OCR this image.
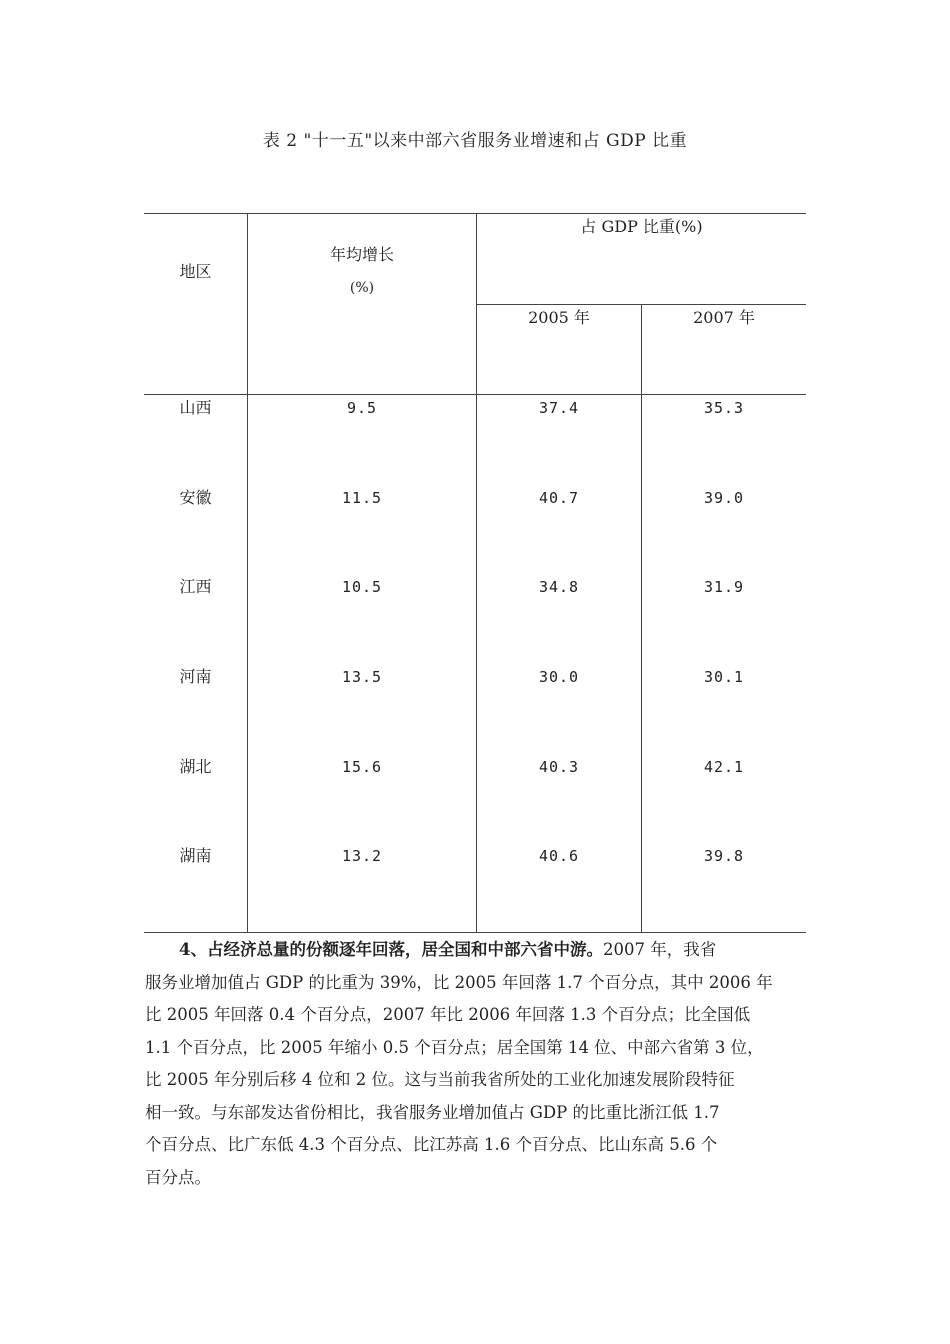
表 2 "十一五"以来中部六省服务业增速和占 GDP 比重
地区
年均增长
(%)
占 GDP 比重(%)
2005 年	2007 年
山西	9.5	37.4	35.3
安徽	11.5	40.7	39.0
江西	10.5	34.8	31.9
河南	13.5	30.0	30.1
湖北	15.6	40.3	42.1
湖南	13.2	40.6	39.8
4、占经济总量的份额逐年回落，居全国和中部六省中游。2007 年，我省
服务业增加值占 GDP 的比重为 39%，比 2005 年回落 1.7 个百分点，其中 2006 年
比 2005 年回落 0.4 个百分点，2007 年比 2006 年回落 1.3 个百分点；比全国低
1.1 个百分点，比 2005 年缩小 0.5 个百分点；居全国第 14 位、中部六省第 3 位，
比 2005 年分别后移 4 位和 2 位。这与当前我省所处的工业化加速发展阶段特征
相一致。与东部发达省份相比，我省服务业增加值占 GDP 的比重比浙江低 1.7
个百分点、比广东低 4.3 个百分点、比江苏高 1.6 个百分点、比山东高 5.6 个
百分点。
